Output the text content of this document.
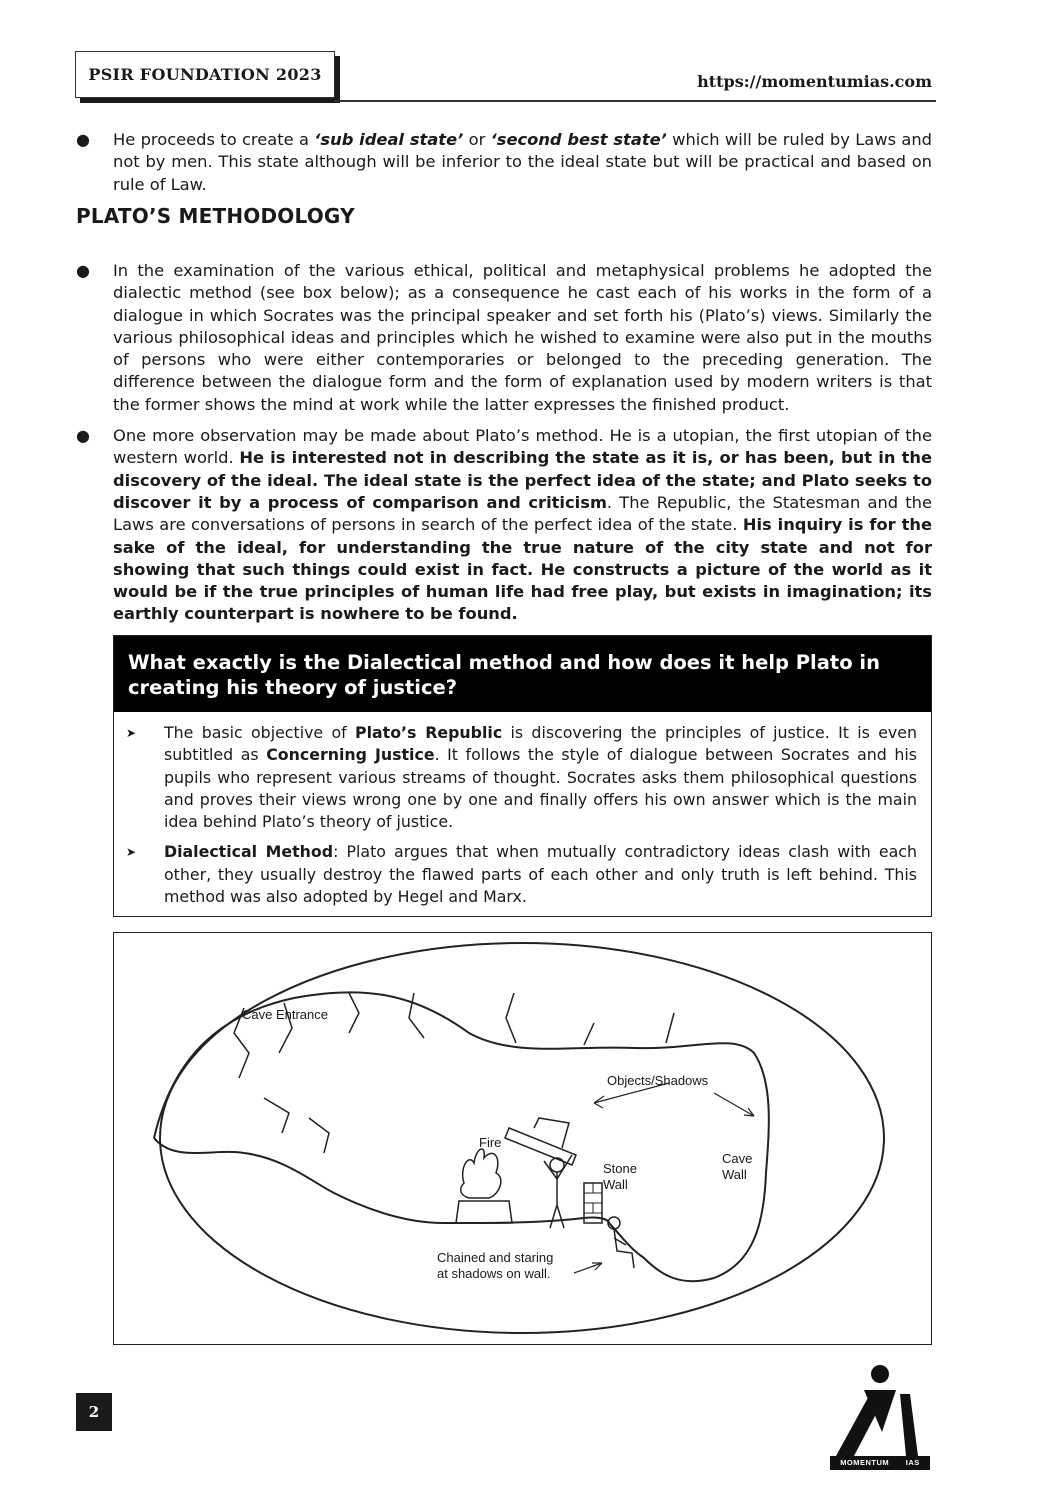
PSIR FOUNDATION 2023	https://momentumias.com
● He proceeds to create a ‘sub ideal state’ or ‘second best state’ which will be ruled by Laws and not by men. This state although will be inferior to the ideal state but will be practical and based on rule of Law.
PLATO’S METHODOLOGY
● In the examination of the various ethical, political and metaphysical problems he adopted the dialectic method (see box below); as a consequence he cast each of his works in the form of a dialogue in which Socrates was the principal speaker and set forth his (Plato’s) views. Similarly the various philosophical ideas and principles which he wished to examine were also put in the mouths of persons who were either contemporaries or belonged to the preceding generation. The difference between the dialogue form and the form of explanation used by modern writers is that the former shows the mind at work while the latter expresses the finished product.
● One more observation may be made about Plato’s method. He is a utopian, the first utopian of the western world. He is interested not in describing the state as it is, or has been, but in the discovery of the ideal. The ideal state is the perfect idea of the state; and Plato seeks to discover it by a process of comparison and criticism. The Republic, the Statesman and the Laws are conversations of persons in search of the perfect idea of the state. His inquiry is for the sake of the ideal, for understanding the true nature of the city state and not for showing that such things could exist in fact. He constructs a picture of the world as it would be if the true principles of human life had free play, but exists in imagination; its earthly counterpart is nowhere to be found.
What exactly is the Dialectical method and how does it help Plato in creating his theory of justice?
➤ The basic objective of Plato’s Republic is discovering the principles of justice. It is even subtitled as Concerning Justice. It follows the style of dialogue between Socrates and his pupils who represent various streams of thought. Socrates asks them philosophical questions and proves their views wrong one by one and finally offers his own answer which is the main idea behind Plato’s theory of justice.
➤ Dialectical Method: Plato argues that when mutually contradictory ideas clash with each other, they usually destroy the flawed parts of each other and only truth is left behind. This method was also adopted by Hegel and Marx.
Cave Entrance
Objects/Shadows
Fire
Stone
Wall
Cave
Wall
Chained and staring
at shadows on wall.
2
MOMENTUM IAS
